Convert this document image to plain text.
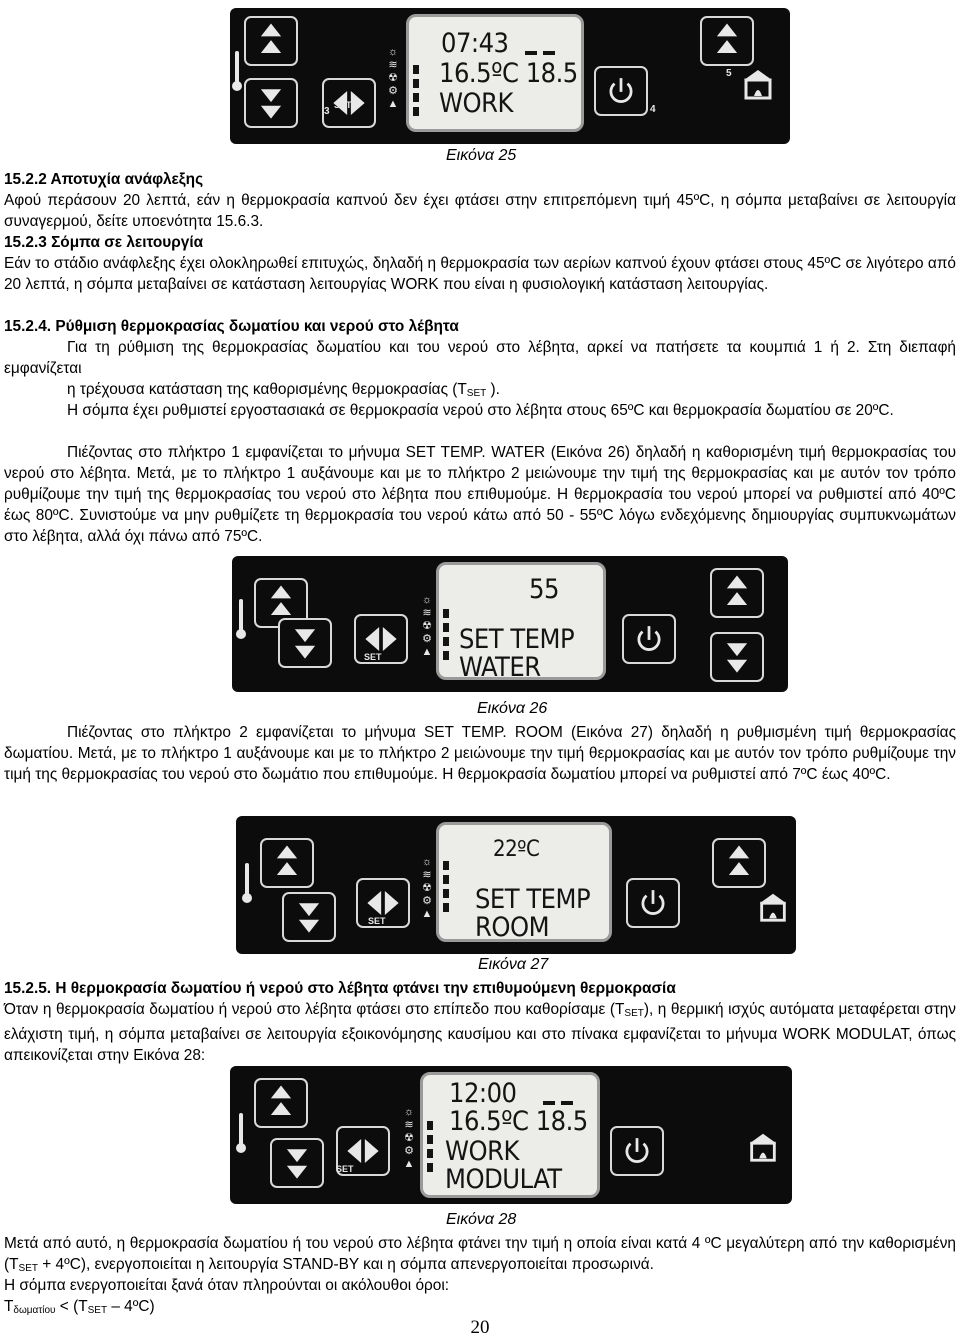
☼
≋
☢
⚙
▲
SET
3	4
5
07:43
16.5ºC 18.5
WORK
Εικόνα 25

15.2.2 Αποτυχία ανάφλεξης

Αφού περάσουν 20 λεπτά, εάν η θερμοκρασία καπνού δεν έχει φτάσει στην επιτρεπόμενη τιμή 45ºC, η σόμπα μεταβαίνει σε λειτουργία συναγερμού, δείτε υποενότητα 15.6.3.

15.2.3 Σόμπα σε λειτουργία

Εάν το στάδιο ανάφλεξης έχει ολοκληρωθεί επιτυχώς, δηλαδή η θερμοκρασία των αερίων καπνού έχουν φτάσει στους 45ºC σε λιγότερο από 20 λεπτά, η σόμπα μεταβαίνει σε κατάσταση λειτουργίας WORK που είναι η φυσιολογική κατάσταση λειτουργίας.

15.2.4. Ρύθμιση θερμοκρασίας δωματίου και νερού στο λέβητα

Για τη ρύθμιση της θερμοκρασίας δωματίου και του νερού στο λέβητα, αρκεί να πατήσετε τα κουμπιά 1 ή 2. Στη διεπαφή εμφανίζεται

η τρέχουσα κατάσταση της καθορισμένης θερμοκρασίας ($T_{SET}$ ).

Η σόμπα έχει ρυθμιστεί εργοστασιακά σε θερμοκρασία νερού στο λέβητα στους 65ºC και θερμοκρασία δωματίου σε 20ºC.

Πιέζοντας στο πλήκτρο 1 εμφανίζεται το μήνυμα SET TEMP. WATER (Εικόνα 26) δηλαδή η καθορισμένη τιμή θερμοκρασίας του νερού στο λέβητα. Μετά, με το πλήκτρο 1 αυξάνουμε και με το πλήκτρο 2 μειώνουμε την τιμή της θερμοκρασίας και με αυτόν τον τρόπο ρυθμίζουμε την τιμή της θερμοκρασίας του νερού στο λέβητα που επιθυμούμε. Η θερμοκρασία του νερού μπορεί να ρυθμιστεί από 40ºC έως 80ºC. Συνιστούμε να μην ρυθμίζετε τη θερμοκρασία του νερού κάτω από 50 - 55ºC λόγω ενδεχόμενης δημιουργίας συμπυκνωμάτων στο λέβητα, αλλά όχι πάνω από 75ºC.

SET
☼
≋
☢
⚙
▲
55
SET TEMP
WATER
Εικόνα 26

Πιέζοντας στο πλήκτρο 2 εμφανίζεται το μήνυμα SET TEMP. ROOM (Εικόνα 27) δηλαδή η ρυθμισμένη τιμή θερμοκρασίας δωματίου. Μετά, με το πλήκτρο 1 αυξάνουμε και με το πλήκτρο 2 μειώνουμε την τιμή θερμοκρασίας και με αυτόν τον τρόπο ρυθμίζουμε την τιμή της θερμοκρασίας του νερού στο δωμάτιο που επιθυμούμε. Η θερμοκρασία δωματίου μπορεί να ρυθμιστεί από 7ºC έως 40ºC.

SET
☼
≋
☢
⚙
▲
22ºC
SET TEMP
ROOM
Εικόνα 27

15.2.5. Η θερμοκρασία δωματίου ή νερού στο λέβητα φτάνει την επιθυμούμενη θερμοκρασία

Όταν η θερμοκρασία δωματίου ή νερού στο λέβητα φτάσει στο επίπεδο που καθορίσαμε $(T_{SET})$, η θερμική ισχύς αυτόματα μεταφέρεται στην ελάχιστη τιμή, η σόμπα μεταβαίνει σε λειτουργία εξοικονόμησης καυσίμου και στο πίνακα εμφανίζεται το μήνυμα WORK MODULAT, όπως απεικονίζεται στην Εικόνα 28:

SET
☼
≋
☢
⚙
▲
12:00
16.5ºC 18.5
WORK
MODULAT
Εικόνα 28

Μετά από αυτό, η θερμοκρασία δωματίου ή του νερού στο λέβητα φτάνει την τιμή η οποία είναι κατά 4 ºC μεγαλύτερη από την καθορισμένη ($T_{SET}$ + 4ºC), ενεργοποιείται η λειτουργία STAND-BY και η σόμπα απενεργοποιείται προσωρινά.

Η σόμπα ενεργοποιείται ξανά όταν πληρούνται οι ακόλουθοι όροι:

$T_{\delta\omega\mu\alpha\tau ίo\upsilon} < (T_{SET}$ – 4ºC)

20
